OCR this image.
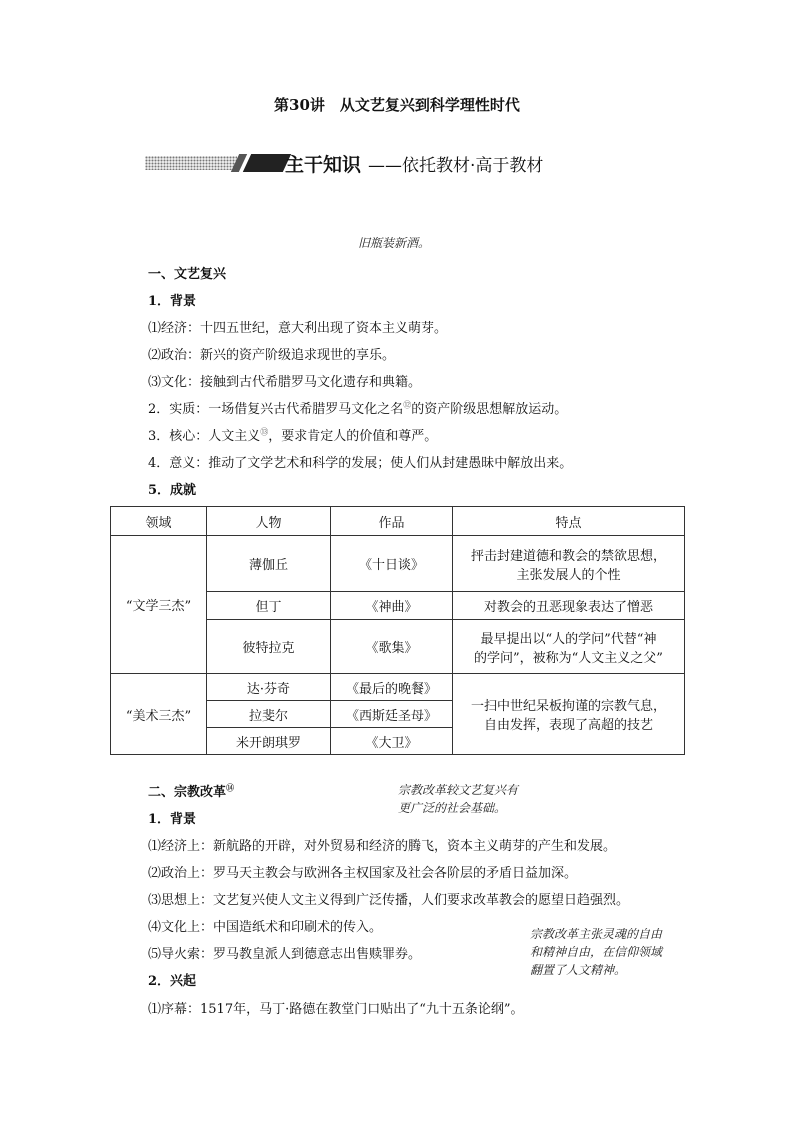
第30讲　从文艺复兴到科学理性时代
主干知识 ——依托教材·高于教材
旧瓶装新酒。
一、文艺复兴
1．背景
⑴经济：十四五世纪，意大利出现了资本主义萌芽。
⑵政治：新兴的资产阶级追求现世的享乐。
⑶文化：接触到古代希腊罗马文化遗存和典籍。
2．实质：一场借复兴古代希腊罗马文化之名⑫的资产阶级思想解放运动。
3．核心：人文主义⑬，要求肯定人的价值和尊严。
4．意义：推动了文学艺术和科学的发展；使人们从封建愚昧中解放出来。
5．成就
领域	人物	作品	特点
“文学三杰”	薄伽丘	《十日谈》	抨击封建道德和教会的禁欲思想，
主张发展人的个性

	但丁	《神曲》	对教会的丑恶现象表达了憎恶
	彼特拉克	《歌集》	最早提出以“人的学问”代替“神
的学问”，被称为“人文主义之父”

“美术三杰”	达·芬奇	《最后的晚餐》	一扫中世纪呆板拘谨的宗教气息，
自由发挥，表现了高超的技艺

	拉斐尔	《西斯廷圣母》	
	米开朗琪罗	《大卫》	
二、宗教改革⑭	宗教改革较文艺复兴有
更广泛的社会基础。
1．背景
⑴经济上：新航路的开辟，对外贸易和经济的腾飞，资本主义萌芽的产生和发展。
⑵政治上：罗马天主教会与欧洲各主权国家及社会各阶层的矛盾日益加深。
⑶思想上：文艺复兴使人文主义得到广泛传播，人们要求改革教会的愿望日趋强烈。
⑷文化上：中国造纸术和印刷术的传入。
⑸导火索：罗马教皇派人到德意志出售赎罪券。
宗教改革主张灵魂的自由
和精神自由，在信仰领域
翻置了人文精神。
2．兴起
⑴序幕：1517年，马丁·路德在教堂门口贴出了“九十五条论纲”。
